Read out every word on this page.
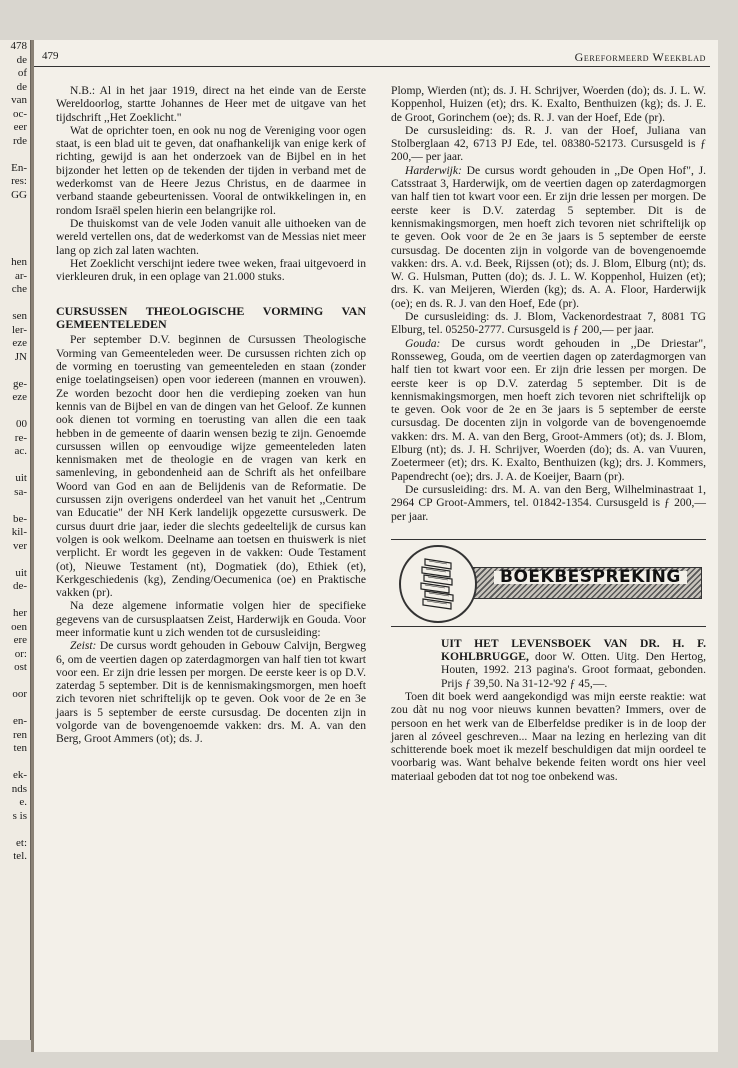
478
de
of
de
van
oc-
eer
rde

En-
res:
GG

hen
ar-
che

sen
ler-
eze
JN

ge-
eze

00
re-
ac.

uit
sa-

be-
kil-
ver

uit
de-

her
oen
ere
or:
ost

oor

en-
ren
ten

ek-
nds
e.
s is

et:
tel.
479	Gereformeerd Weekblad

N.B.: Al in het jaar 1919, direct na het einde van de Eerste Wereldoorlog, startte Johannes de Heer met de uitgave van het tijdschrift ,,Het Zoeklicht."

Wat de oprichter toen, en ook nu nog de Vereniging voor ogen staat, is een blad uit te geven, dat onafhankelijk van enige kerk of richting, gewijd is aan het onderzoek van de Bijbel en in het bijzonder het letten op de tekenden der tijden in verband met de wederkomst van de Heere Jezus Christus, en de daarmee in verband staande gebeurtenissen. Vooral de ontwikkelingen in, en rondom Israël spelen hierin een belangrijke rol.

De thuiskomst van de vele Joden vanuit alle uithoeken van de wereld vertellen ons, dat de wederkomst van de Messias niet meer lang op zich zal laten wachten.

Het Zoeklicht verschijnt iedere twee weken, fraai uitgevoerd in vierkleuren druk, in een oplage van 21.000 stuks.

CURSUSSEN THEOLOGISCHE VORMING VAN GEMEENTELEDEN

Per september D.V. beginnen de Cursussen Theologische Vorming van Gemeenteleden weer. De cursussen richten zich op de vorming en toerusting van gemeenteleden en staan (zonder enige toelatingseisen) open voor iedereen (mannen en vrouwen). Ze worden bezocht door hen die verdieping zoeken van hun kennis van de Bijbel en van de dingen van het Geloof. Ze kunnen ook dienen tot vorming en toerusting van allen die een taak hebben in de gemeente of daarin wensen bezig te zijn. Genoemde cursussen willen op eenvoudige wijze gemeenteleden laten kennismaken met de theologie en de vragen van kerk en samenleving, in gebondenheid aan de Schrift als het onfeilbare Woord van God en aan de Belijdenis van de Reformatie. De cursussen zijn overigens onderdeel van het vanuit het ,,Centrum van Educatie" der NH Kerk landelijk opgezette cursuswerk. De cursus duurt drie jaar, ieder die slechts gedeeltelijk de cursus kan volgen is ook welkom. Deelname aan toetsen en thuiswerk is niet verplicht. Er wordt les gegeven in de vakken: Oude Testament (ot), Nieuwe Testament (nt), Dogmatiek (do), Ethiek (et), Kerkgeschiedenis (kg), Zending/Oecumenica (oe) en Praktische vakken (pr).

Na deze algemene informatie volgen hier de specifieke gegevens van de cursusplaatsen Zeist, Harderwijk en Gouda. Voor meer informatie kunt u zich wenden tot de cursusleiding:

Zeist: De cursus wordt gehouden in Gebouw Calvijn, Bergweg 6, om de veertien dagen op zaterdagmorgen van half tien tot kwart voor een. Er zijn drie lessen per morgen. De eerste keer is op D.V. zaterdag 5 september. Dit is de kennismakingsmorgen, men hoeft zich tevoren niet schriftelijk op te geven. Ook voor de 2e en 3e jaars is 5 september de eerste cursusdag. De docenten zijn in volgorde van de bovengenoemde vakken: drs. M. A. van den Berg, Groot Ammers (ot); ds. J.

Plomp, Wierden (nt); ds. J. H. Schrijver, Woerden (do); ds. J. L. W. Koppenhol, Huizen (et); drs. K. Exalto, Benthuizen (kg); ds. J. E. de Groot, Gorinchem (oe); ds. R. J. van der Hoef, Ede (pr).

De cursusleiding: ds. R. J. van der Hoef, Juliana van Stolberglaan 42, 6713 PJ Ede, tel. 08380-52173. Cursusgeld is ƒ 200,— per jaar.

Harderwijk: De cursus wordt gehouden in ,,De Open Hof", J. Catsstraat 3, Harderwijk, om de veertien dagen op zaterdagmorgen van half tien tot kwart voor een. Er zijn drie lessen per morgen. De eerste keer is D.V. zaterdag 5 september. Dit is de kennismakingsmorgen, men hoeft zich tevoren niet schriftelijk op te geven. Ook voor de 2e en 3e jaars is 5 september de eerste cursusdag. De docenten zijn in volgorde van de bovengenoemde vakken: drs. A. v.d. Beek, Rijssen (ot); ds. J. Blom, Elburg (nt); ds. W. G. Hulsman, Putten (do); ds. J. L. W. Koppenhol, Huizen (et); drs. K. van Meijeren, Wierden (kg); ds. A. A. Floor, Harderwijk (oe); en ds. R. J. van den Hoef, Ede (pr).

De cursusleiding: ds. J. Blom, Vackenordestraat 7, 8081 TG Elburg, tel. 05250-2777. Cursusgeld is ƒ 200,— per jaar.

Gouda: De cursus wordt gehouden in ,,De Driestar", Ronsseweg, Gouda, om de veertien dagen op zaterdagmorgen van half tien tot kwart voor een. Er zijn drie lessen per morgen. De eerste keer is op D.V. zaterdag 5 september. Dit is de kennismakingsmorgen, men hoeft zich tevoren niet schriftelijk op te geven. Ook voor de 2e en 3e jaars is 5 september de eerste cursusdag. De docenten zijn in volgorde van de bovengenoemde vakken: drs. M. A. van den Berg, Groot-Ammers (ot); ds. J. Blom, Elburg (nt); ds. J. H. Schrijver, Woerden (do); ds. A. van Vuuren, Zoetermeer (et); drs. K. Exalto, Benthuizen (kg); drs. J. Kommers, Papendrecht (oe); drs. J. A. de Koeijer, Baarn (pr).

De cursusleiding: drs. M. A. van den Berg, Wilhelminastraat 1, 2964 CP Groot-Ammers, tel. 01842-1354. Cursusgeld is ƒ 200,— per jaar.

BOEKBESPREKING

UIT HET LEVENSBOEK VAN DR. H. F. KOHLBRUGGE, door W. Otten. Uitg. Den Hertog, Houten, 1992. 213 pagina's. Groot formaat, gebonden. Prijs ƒ 39,50. Na 31-12-'92 ƒ 45,—.

Toen dit boek werd aangekondigd was mijn eerste reaktie: wat zou dàt nu nog voor nieuws kunnen bevatten? Immers, over de persoon en het werk van de Elberfeldse prediker is in de loop der jaren al zóveel geschreven... Maar na lezing en herlezing van dit schitterende boek moet ik mezelf beschuldigen dat mijn oordeel te voorbarig was. Want behalve bekende feiten wordt ons hier veel materiaal geboden dat tot nog toe onbekend was.
